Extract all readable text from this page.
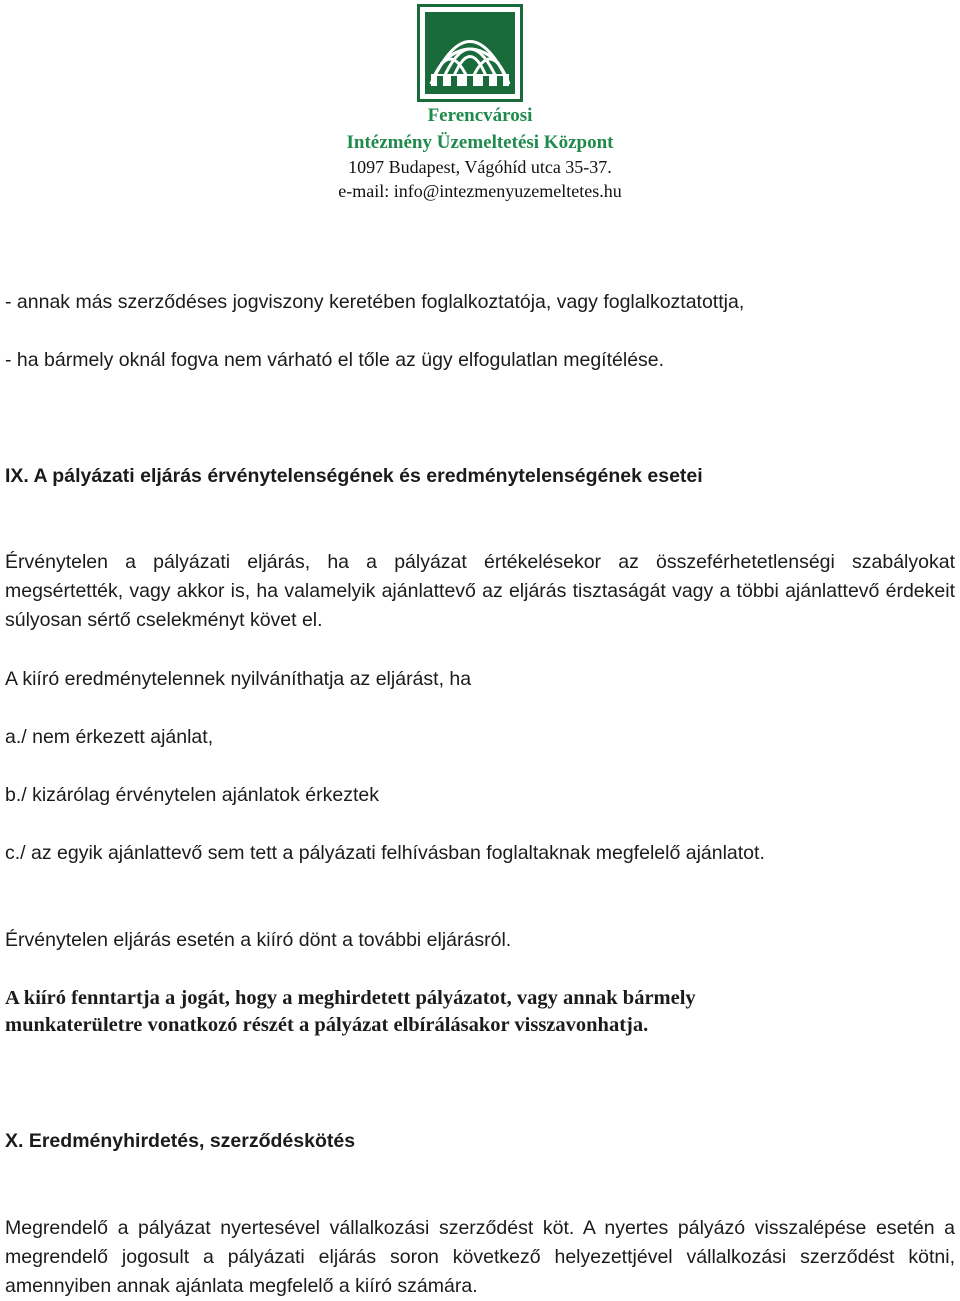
Ferencvárosi
Intézmény Üzemeltetési Központ
1097 Budapest, Vágóhíd utca 35-37.
e-mail: info@intezmenyuzemeltetes.hu

- annak más szerződéses jogviszony keretében foglalkoztatója, vagy foglalkoztatottja,

- ha bármely oknál fogva nem várható el tőle az ügy elfogulatlan megítélése.

IX. A pályázati eljárás érvénytelenségének és eredménytelenségének esetei

Érvénytelen a pályázati eljárás, ha a pályázat értékelésekor az összeférhetetlenségi szabályokat megsértették, vagy akkor is, ha valamelyik ajánlattevő az eljárás tisztaságát vagy a többi ajánlattevő érdekeit súlyosan sértő cselekményt követ el.

A kiíró eredménytelennek nyilváníthatja az eljárást, ha

a./ nem érkezett ajánlat,

b./ kizárólag érvénytelen ajánlatok érkeztek

c./ az egyik ajánlattevő sem tett a pályázati felhívásban foglaltaknak megfelelő ajánlatot.

Érvénytelen eljárás esetén a kiíró dönt a további eljárásról.

A kiíró fenntartja a jogát, hogy a meghirdetett pályázatot, vagy annak bármely munkaterületre vonatkozó részét a pályázat elbírálásakor visszavonhatja.

X. Eredményhirdetés, szerződéskötés

Megrendelő a pályázat nyertesével vállalkozási szerződést köt. A nyertes pályázó visszalépése esetén a megrendelő jogosult a pályázati eljárás soron következő helyezettjével vállalkozási szerződést kötni, amennyiben annak ajánlata megfelelő a kiíró számára.
